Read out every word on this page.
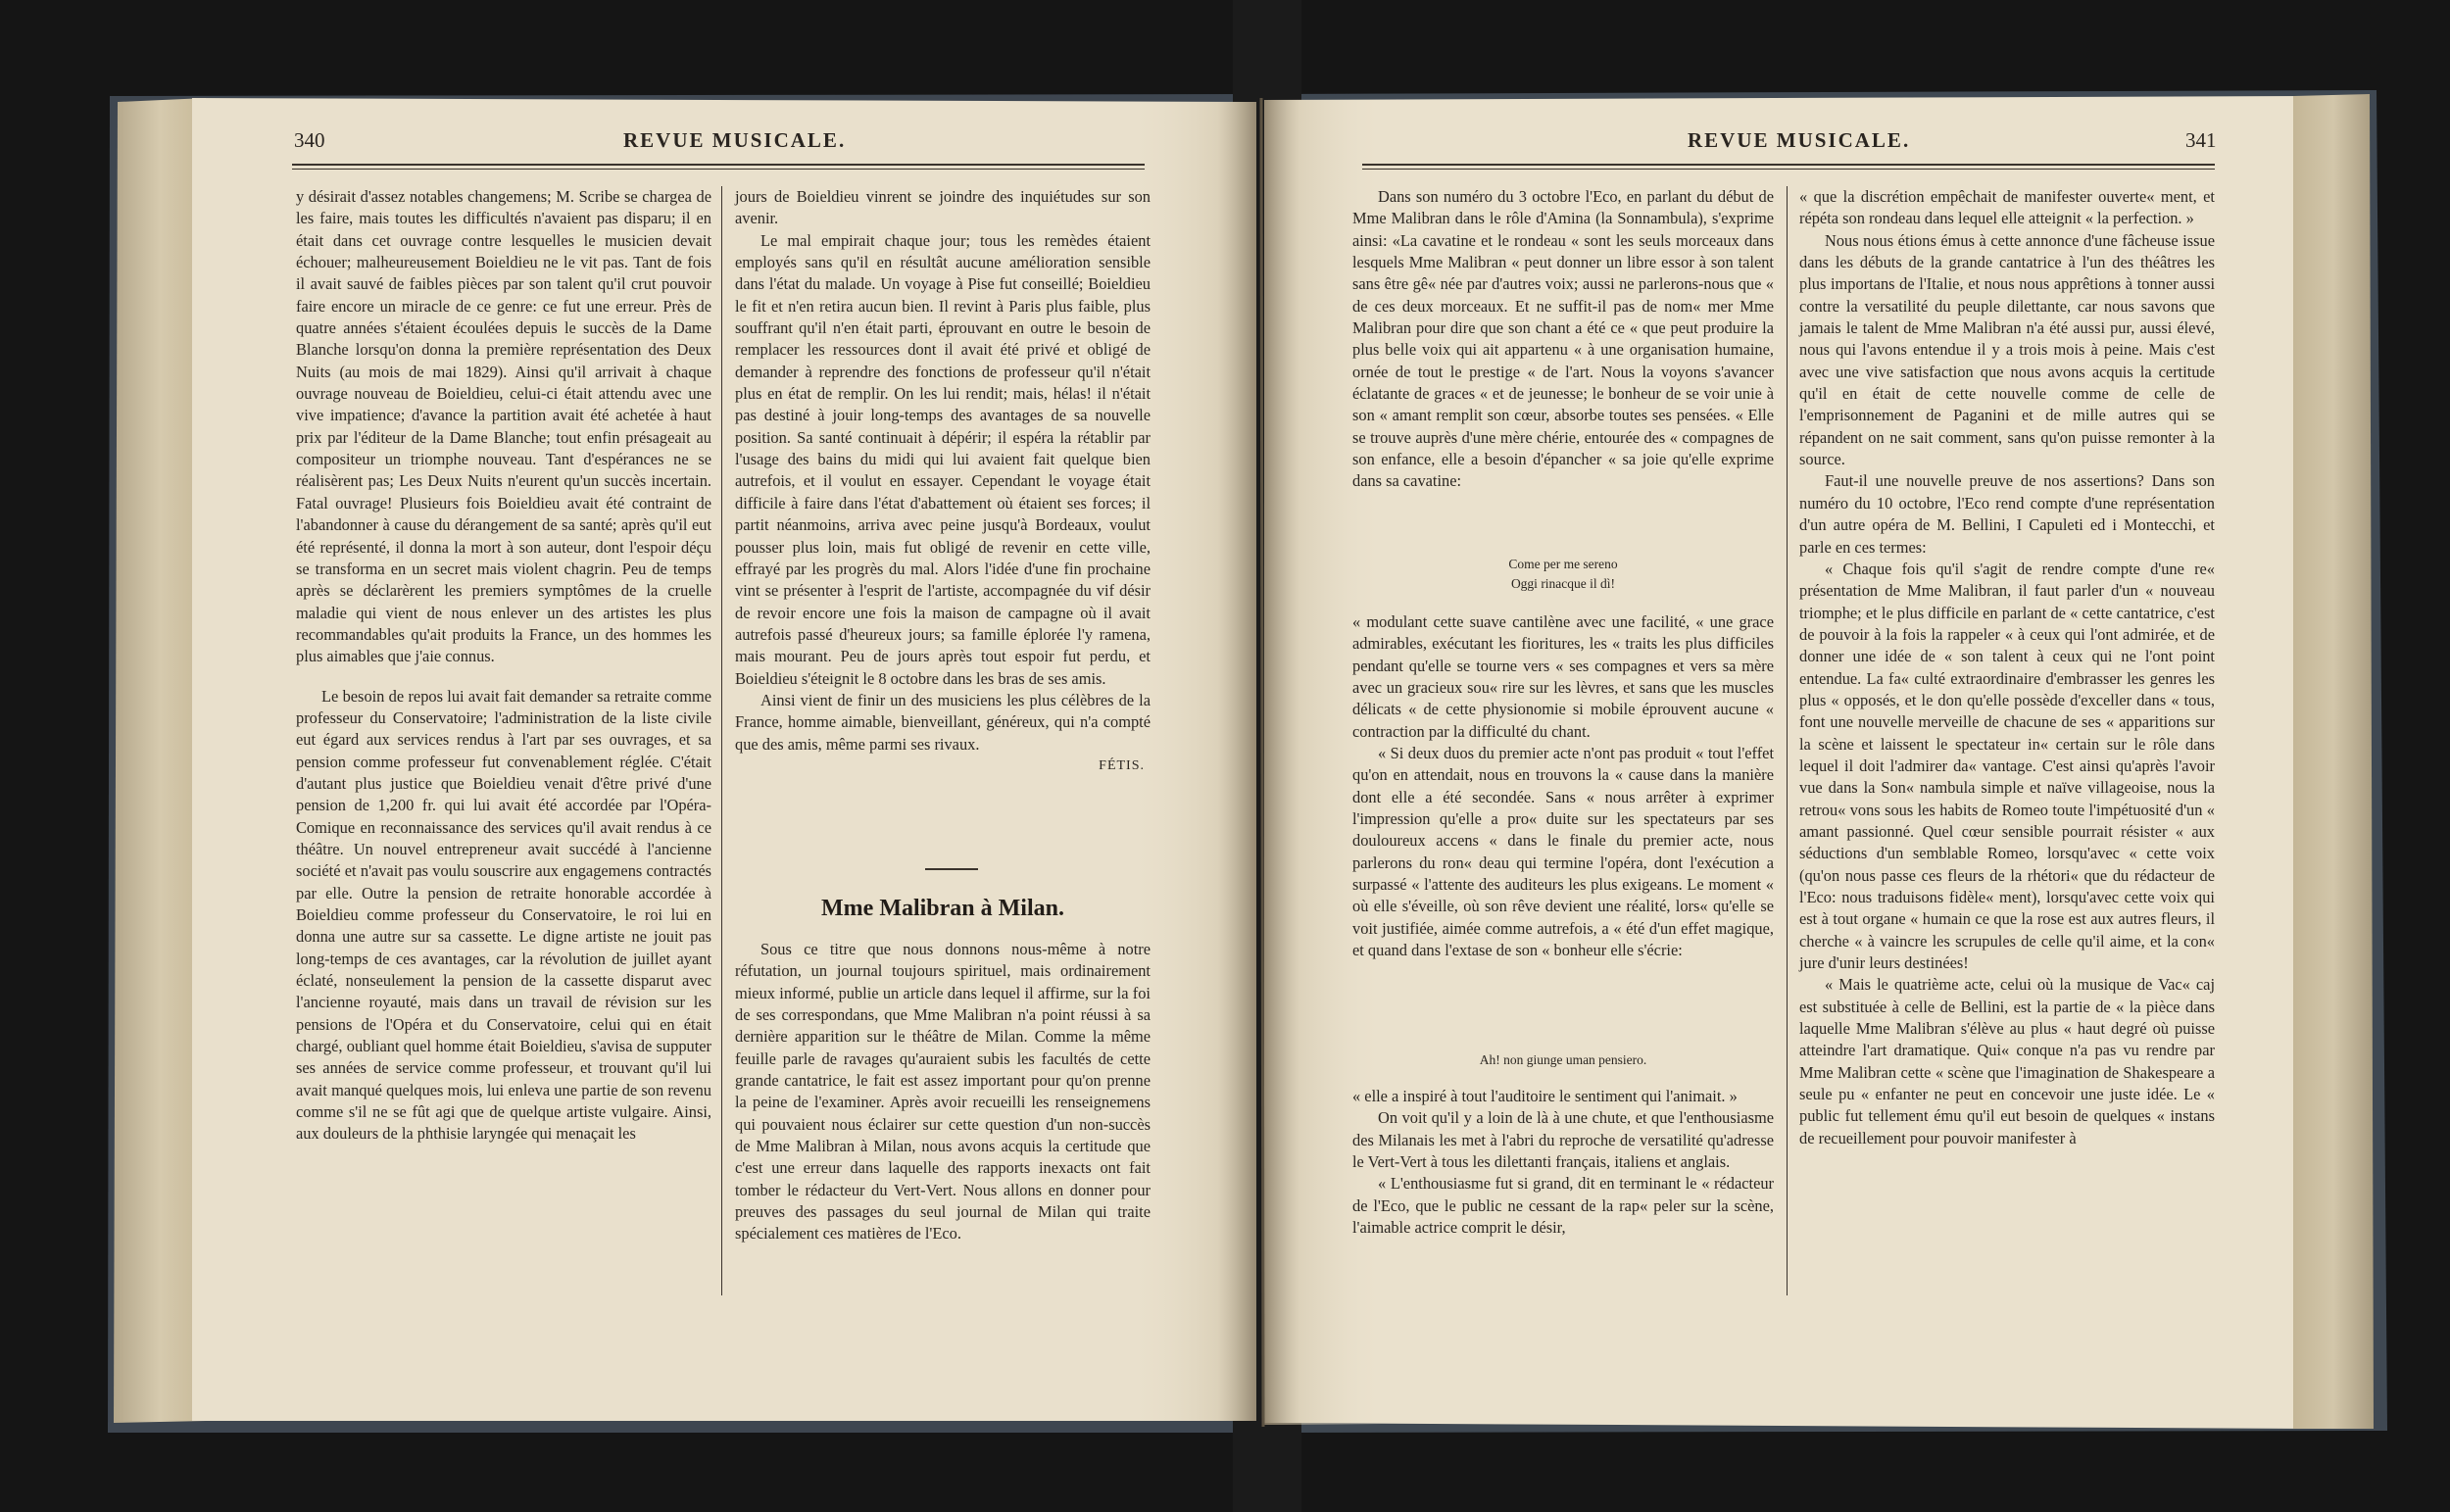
340	REVUE MUSICALE.

y désirait d'assez notables changemens; M. Scribe se chargea de les faire, mais toutes les difficultés n'avaient pas disparu; il en était dans cet ouvrage contre lesquelles le musicien devait échouer; malheureusement Boieldieu ne le vit pas. Tant de fois il avait sauvé de faibles pièces par son talent qu'il crut pouvoir faire encore un miracle de ce genre: ce fut une erreur. Près de quatre années s'étaient écoulées depuis le succès de la Dame Blanche lorsqu'on donna la première représentation des Deux Nuits (au mois de mai 1829). Ainsi qu'il arrivait à chaque ouvrage nouveau de Boieldieu, celui-ci était attendu avec une vive impatience; d'avance la partition avait été achetée à haut prix par l'éditeur de la Dame Blanche; tout enfin présageait au compositeur un triomphe nouveau. Tant d'espérances ne se réalisèrent pas; Les Deux Nuits n'eurent qu'un succès incertain. Fatal ouvrage! Plusieurs fois Boieldieu avait été contraint de l'abandonner à cause du dérangement de sa santé; après qu'il eut été représenté, il donna la mort à son auteur, dont l'espoir déçu se transforma en un secret mais violent chagrin. Peu de temps après se déclarèrent les premiers symptômes de la cruelle maladie qui vient de nous enlever un des artistes les plus recommandables qu'ait produits la France, un des hommes les plus aimables que j'aie connus.

Le besoin de repos lui avait fait demander sa retraite comme professeur du Conservatoire; l'administration de la liste civile eut égard aux services rendus à l'art par ses ouvrages, et sa pension comme professeur fut convenablement réglée. C'était d'autant plus justice que Boieldieu venait d'être privé d'une pension de 1,200 fr. qui lui avait été accordée par l'Opéra-Comique en reconnaissance des services qu'il avait rendus à ce théâtre. Un nouvel entrepreneur avait succédé à l'ancienne société et n'avait pas voulu souscrire aux engagemens contractés par elle. Outre la pension de retraite honorable accordée à Boieldieu comme professeur du Conservatoire, le roi lui en donna une autre sur sa cassette. Le digne artiste ne jouit pas long-temps de ces avantages, car la révolution de juillet ayant éclaté, nonseulement la pension de la cassette disparut avec l'ancienne royauté, mais dans un travail de révision sur les pensions de l'Opéra et du Conservatoire, celui qui en était chargé, oubliant quel homme était Boieldieu, s'avisa de supputer ses années de service comme professeur, et trouvant qu'il lui avait manqué quelques mois, lui enleva une partie de son revenu comme s'il ne se fût agi que de quelque artiste vulgaire. Ainsi, aux douleurs de la phthisie laryngée qui menaçait les

jours de Boieldieu vinrent se joindre des inquiétudes sur son avenir.

Le mal empirait chaque jour; tous les remèdes étaient employés sans qu'il en résultât aucune amélioration sensible dans l'état du malade. Un voyage à Pise fut conseillé; Boieldieu le fit et n'en retira aucun bien. Il revint à Paris plus faible, plus souffrant qu'il n'en était parti, éprouvant en outre le besoin de remplacer les ressources dont il avait été privé et obligé de demander à reprendre des fonctions de professeur qu'il n'était plus en état de remplir. On les lui rendit; mais, hélas! il n'était pas destiné à jouir long-temps des avantages de sa nouvelle position. Sa santé continuait à dépérir; il espéra la rétablir par l'usage des bains du midi qui lui avaient fait quelque bien autrefois, et il voulut en essayer. Cependant le voyage était difficile à faire dans l'état d'abattement où étaient ses forces; il partit néanmoins, arriva avec peine jusqu'à Bordeaux, voulut pousser plus loin, mais fut obligé de revenir en cette ville, effrayé par les progrès du mal. Alors l'idée d'une fin prochaine vint se présenter à l'esprit de l'artiste, accompagnée du vif désir de revoir encore une fois la maison de campagne où il avait autrefois passé d'heureux jours; sa famille éplorée l'y ramena, mais mourant. Peu de jours après tout espoir fut perdu, et Boieldieu s'éteignit le 8 octobre dans les bras de ses amis.

Ainsi vient de finir un des musiciens les plus célèbres de la France, homme aimable, bienveillant, généreux, qui n'a compté que des amis, même parmi ses rivaux.

FÉTIS.

Mme Malibran à Milan.

Sous ce titre que nous donnons nous-même à notre réfutation, un journal toujours spirituel, mais ordinairement mieux informé, publie un article dans lequel il affirme, sur la foi de ses correspondans, que Mme Malibran n'a point réussi à sa dernière apparition sur le théâtre de Milan. Comme la même feuille parle de ravages qu'auraient subis les facultés de cette grande cantatrice, le fait est assez important pour qu'on prenne la peine de l'examiner. Après avoir recueilli les renseignemens qui pouvaient nous éclairer sur cette question d'un non-succès de Mme Malibran à Milan, nous avons acquis la certitude que c'est une erreur dans laquelle des rapports inexacts ont fait tomber le rédacteur du Vert-Vert. Nous allons en donner pour preuves des passages du seul journal de Milan qui traite spécialement ces matières de l'Eco.

REVUE MUSICALE.	341

Dans son numéro du 3 octobre l'Eco, en parlant du début de Mme Malibran dans le rôle d'Amina (la Sonnambula), s'exprime ainsi: «La cavatine et le rondeau « sont les seuls morceaux dans lesquels Mme Malibran « peut donner un libre essor à son talent sans être gê« née par d'autres voix; aussi ne parlerons-nous que « de ces deux morceaux. Et ne suffit-il pas de nom« mer Mme Malibran pour dire que son chant a été ce « que peut produire la plus belle voix qui ait appartenu « à une organisation humaine, ornée de tout le prestige « de l'art. Nous la voyons s'avancer éclatante de graces « et de jeunesse; le bonheur de se voir unie à son « amant remplit son cœur, absorbe toutes ses pensées. « Elle se trouve auprès d'une mère chérie, entourée des « compagnes de son enfance, elle a besoin d'épancher « sa joie qu'elle exprime dans sa cavatine:

Come per me sereno
Oggi rinacque il dì!

« modulant cette suave cantilène avec une facilité, « une grace admirables, exécutant les fioritures, les « traits les plus difficiles pendant qu'elle se tourne vers « ses compagnes et vers sa mère avec un gracieux sou« rire sur les lèvres, et sans que les muscles délicats « de cette physionomie si mobile éprouvent aucune « contraction par la difficulté du chant.

« Si deux duos du premier acte n'ont pas produit « tout l'effet qu'on en attendait, nous en trouvons la « cause dans la manière dont elle a été secondée. Sans « nous arrêter à exprimer l'impression qu'elle a pro« duite sur les spectateurs par ses douloureux accens « dans le finale du premier acte, nous parlerons du ron« deau qui termine l'opéra, dont l'exécution a surpassé « l'attente des auditeurs les plus exigeans. Le moment « où elle s'éveille, où son rêve devient une réalité, lors« qu'elle se voit justifiée, aimée comme autrefois, a « été d'un effet magique, et quand dans l'extase de son « bonheur elle s'écrie:

Ah! non giunge uman pensiero.

« elle a inspiré à tout l'auditoire le sentiment qui l'animait. »

On voit qu'il y a loin de là à une chute, et que l'enthousiasme des Milanais les met à l'abri du reproche de versatilité qu'adresse le Vert-Vert à tous les dilettanti français, italiens et anglais.

« L'enthousiasme fut si grand, dit en terminant le « rédacteur de l'Eco, que le public ne cessant de la rap« peler sur la scène, l'aimable actrice comprit le désir,

« que la discrétion empêchait de manifester ouverte« ment, et répéta son rondeau dans lequel elle atteignit « la perfection. »

Nous nous étions émus à cette annonce d'une fâcheuse issue dans les débuts de la grande cantatrice à l'un des théâtres les plus importans de l'Italie, et nous nous apprêtions à tonner aussi contre la versatilité du peuple dilettante, car nous savons que jamais le talent de Mme Malibran n'a été aussi pur, aussi élevé, nous qui l'avons entendue il y a trois mois à peine. Mais c'est avec une vive satisfaction que nous avons acquis la certitude qu'il en était de cette nouvelle comme de celle de l'emprisonnement de Paganini et de mille autres qui se répandent on ne sait comment, sans qu'on puisse remonter à la source.

Faut-il une nouvelle preuve de nos assertions? Dans son numéro du 10 octobre, l'Eco rend compte d'une représentation d'un autre opéra de M. Bellini, I Capuleti ed i Montecchi, et parle en ces termes:

« Chaque fois qu'il s'agit de rendre compte d'une re« présentation de Mme Malibran, il faut parler d'un « nouveau triomphe; et le plus difficile en parlant de « cette cantatrice, c'est de pouvoir à la fois la rappeler « à ceux qui l'ont admirée, et de donner une idée de « son talent à ceux qui ne l'ont point entendue. La fa« culté extraordinaire d'embrasser les genres les plus « opposés, et le don qu'elle possède d'exceller dans « tous, font une nouvelle merveille de chacune de ses « apparitions sur la scène et laissent le spectateur in« certain sur le rôle dans lequel il doit l'admirer da« vantage. C'est ainsi qu'après l'avoir vue dans la Son« nambula simple et naïve villageoise, nous la retrou« vons sous les habits de Romeo toute l'impétuosité d'un « amant passionné. Quel cœur sensible pourrait résister « aux séductions d'un semblable Romeo, lorsqu'avec « cette voix (qu'on nous passe ces fleurs de la rhétori« que du rédacteur de l'Eco: nous traduisons fidèle« ment), lorsqu'avec cette voix qui est à tout organe « humain ce que la rose est aux autres fleurs, il cherche « à vaincre les scrupules de celle qu'il aime, et la con« jure d'unir leurs destinées!

« Mais le quatrième acte, celui où la musique de Vac« caj est substituée à celle de Bellini, est la partie de « la pièce dans laquelle Mme Malibran s'élève au plus « haut degré où puisse atteindre l'art dramatique. Qui« conque n'a pas vu rendre par Mme Malibran cette « scène que l'imagination de Shakespeare a seule pu « enfanter ne peut en concevoir une juste idée. Le « public fut tellement ému qu'il eut besoin de quelques « instans de recueillement pour pouvoir manifester à
